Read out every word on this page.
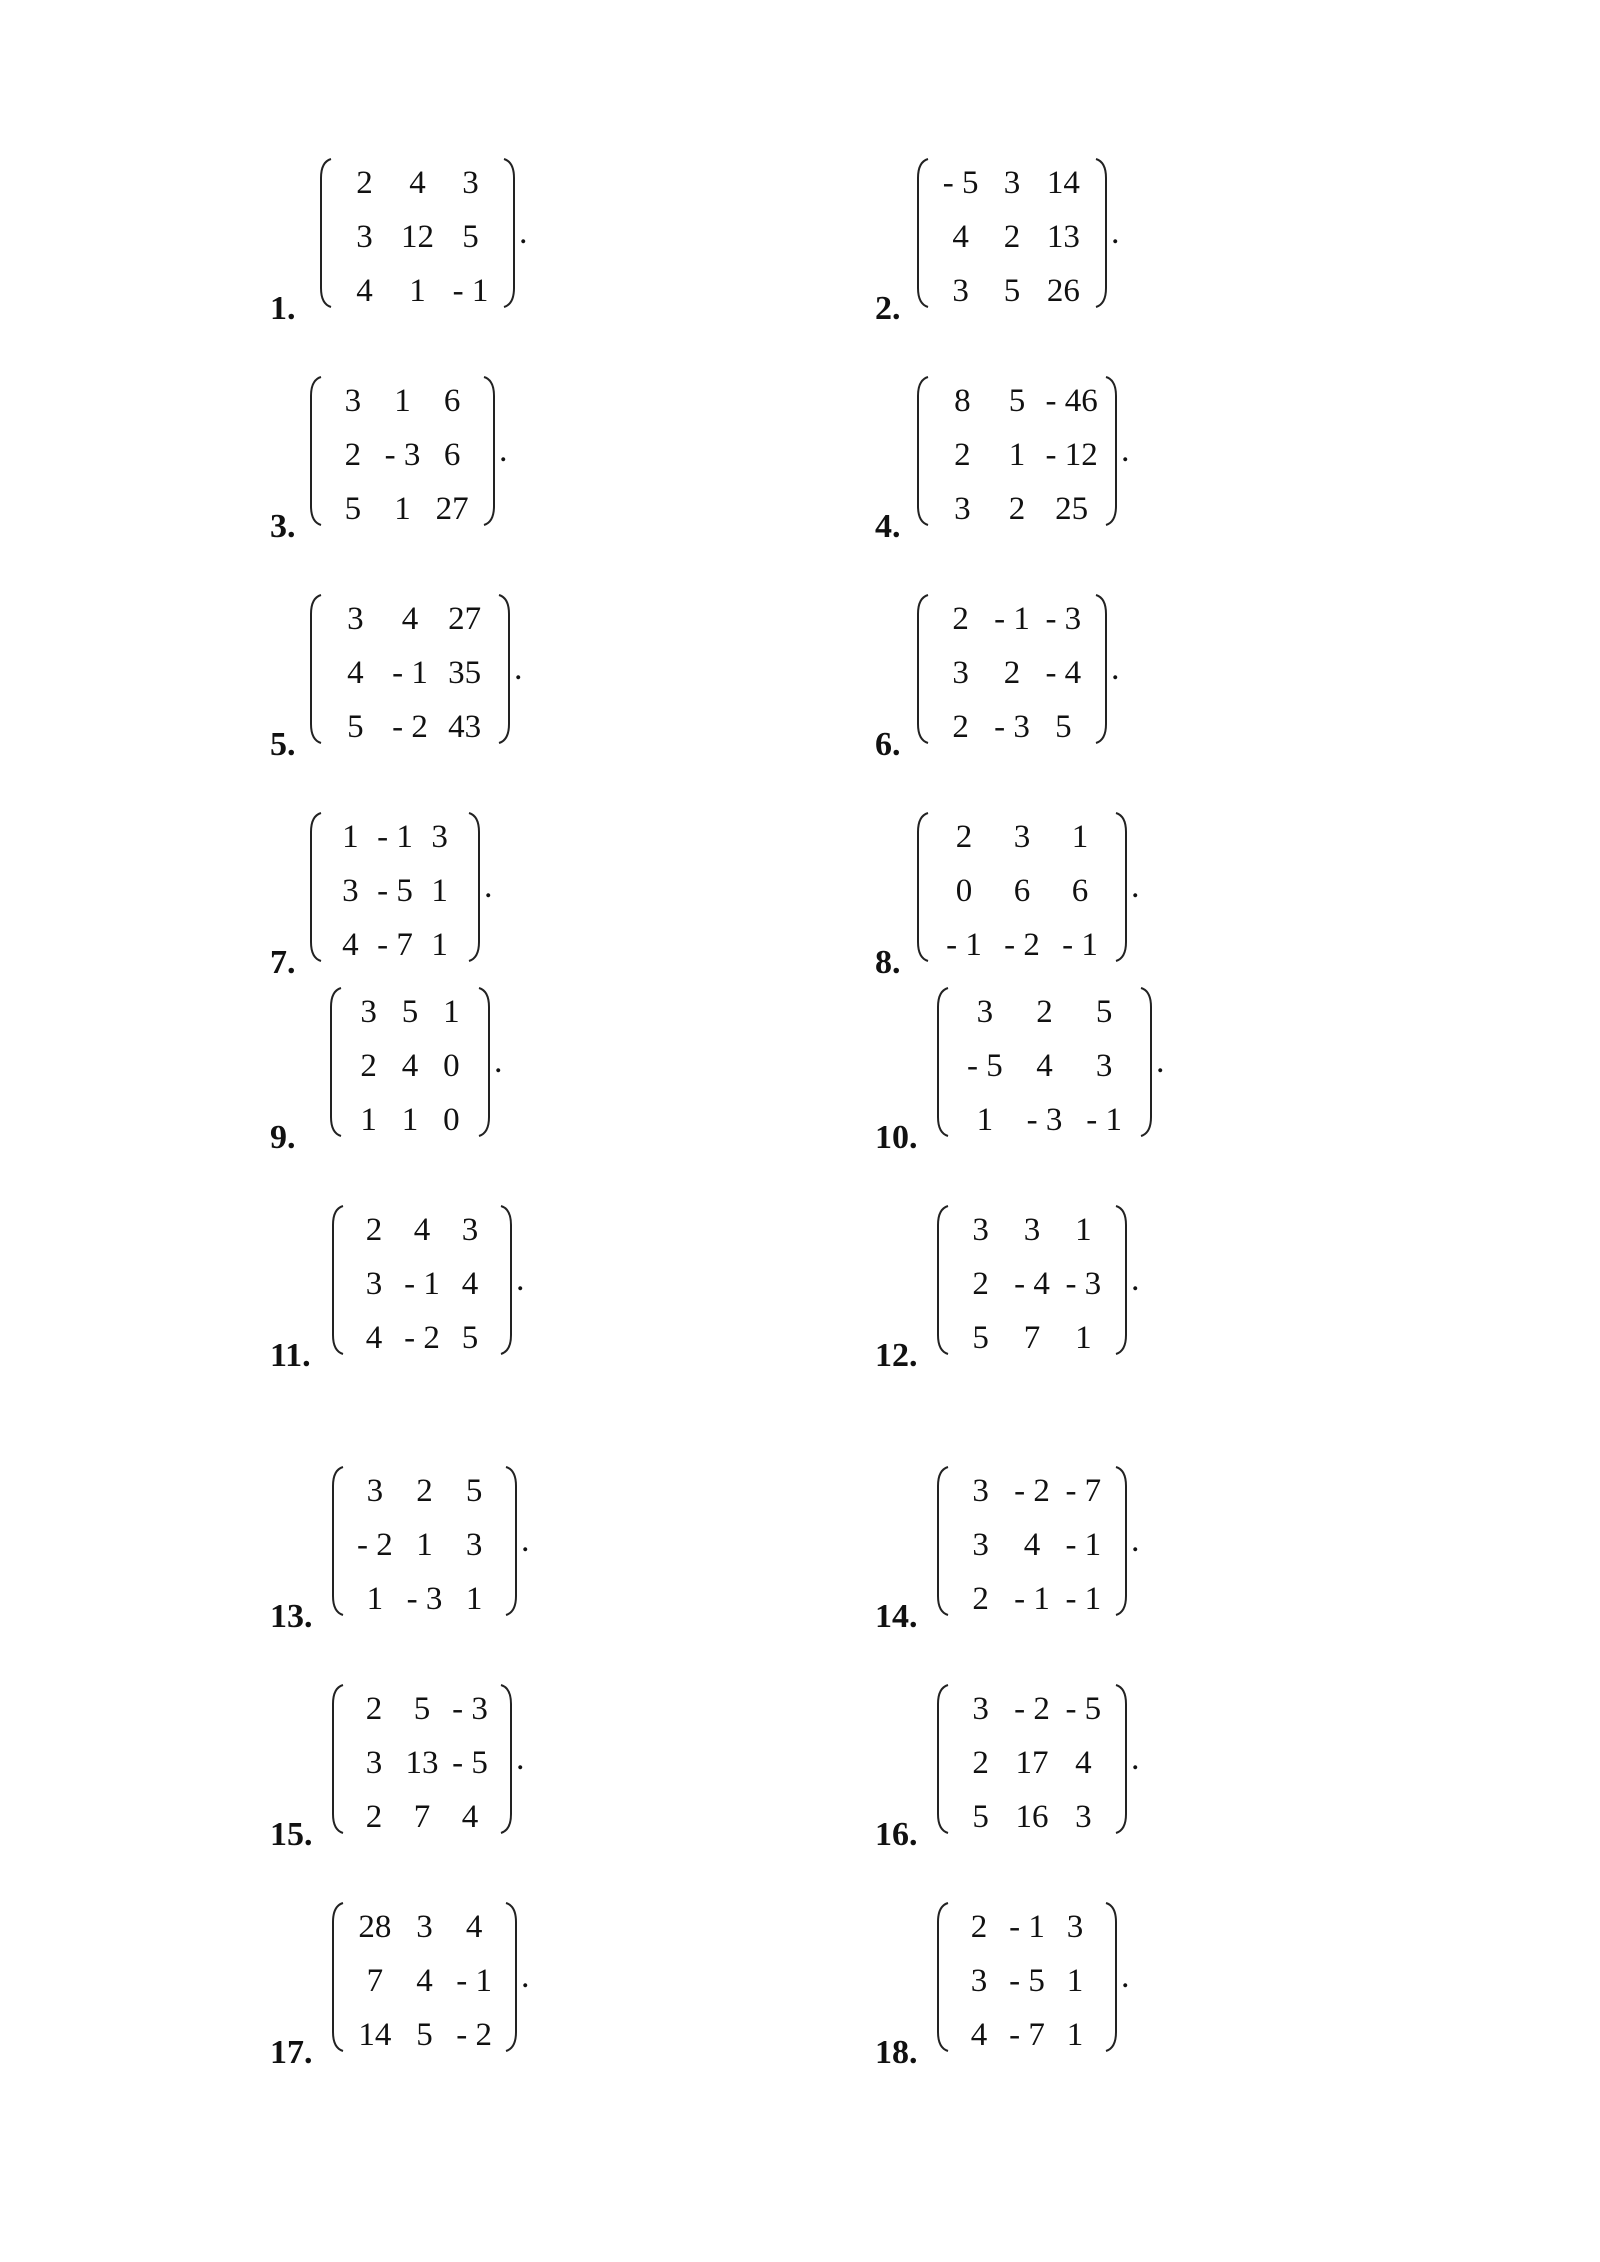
1.
2	4	3
3 12 5
4	1 - 1
.
2.
- 5 3 14
4	2 13
3	5 26
.
3.
3	1	6
2 - 3 6
5	1 27
.
4.
8	5 - 46
2	1 - 12
3	2 25
.
5.
3	4 27
4 - 1 35
5 - 2 43
.
6.
2 - 1 - 3
3	2 - 4
2 - 3 5
.
7.
1 - 1 3
3 - 5 1
4 - 7 1
.
8.
2	3	1
0	6	6
- 1 - 2 - 1
.
9.
3 5 1
2 4 0
1 1 0
.
10.
3	2	5
- 5	4	3
1	- 3 - 1
.
11.
2 4 3
3 - 1 4
4 - 2 5
.
12.
3	3	1
2 - 4 - 3
5	7	1
.
13.
3	2	5
- 2 1	3
1 - 3 1
.
14.
3 - 2 - 7
3	4 - 1
2 - 1 - 1
.
15.
2 5 - 3
3 13 - 5
2 7 4
.
16.
3 - 2 - 5
2 17 4
5 16 3
.
17.
28 3	4
7	4 - 1
14 5 - 2
.
18.
2 - 1 3
3 - 5 1
4 - 7 1
.
